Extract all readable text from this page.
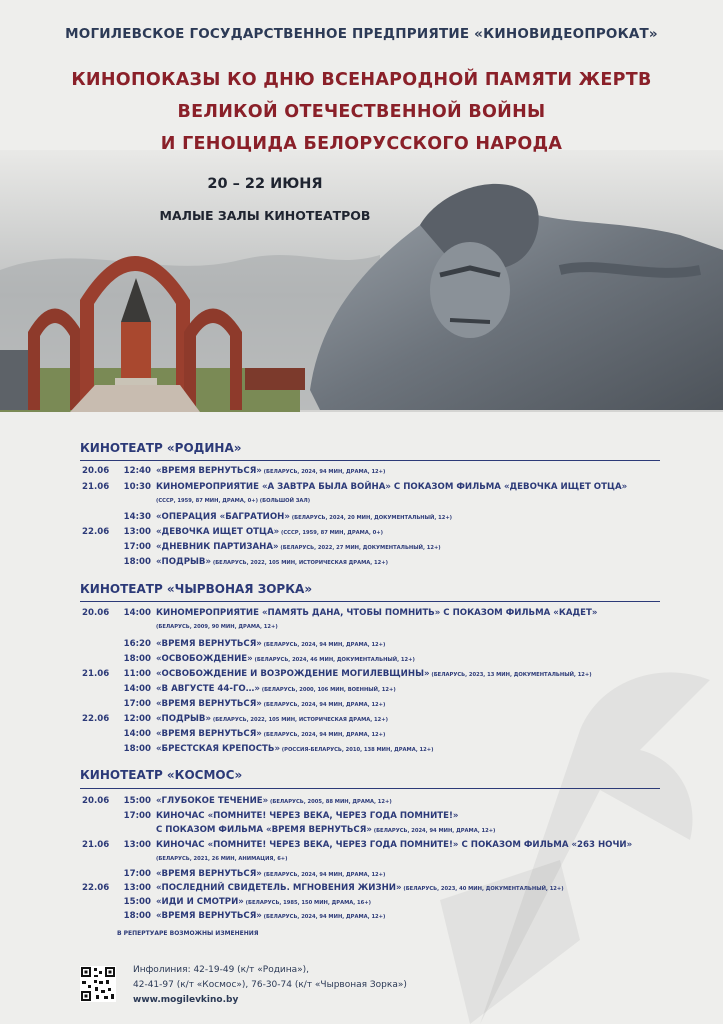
МОГИЛЕВСКОЕ ГОСУДАРСТВЕННОЕ ПРЕДПРИЯТИЕ «КИНОВИДЕОПРОКАТ»
КИНОПОКАЗЫ КО ДНЮ ВСЕНАРОДНОЙ ПАМЯТИ ЖЕРТВ
ВЕЛИКОЙ ОТЕЧЕСТВЕННОЙ ВОЙНЫ
И ГЕНОЦИДА БЕЛОРУССКОГО НАРОДА
20 – 22 ИЮНЯ
МАЛЫЕ ЗАЛЫ КИНОТЕАТРОВ
КИНОТЕАТР «РОДИНА»
20.06	12:40 «ВРЕМЯ ВЕРНУТЬСЯ» (БЕЛАРУСЬ, 2024, 94 МИН, ДРАМА, 12+)
21.06	10:30 КИНОМЕРОПРИЯТИЕ «А ЗАВТРА БЫЛА ВОЙНА» С ПОКАЗОМ ФИЛЬМА «ДЕВОЧКА ИЩЕТ ОТЦА»
(СССР, 1959, 87 МИН, ДРАМА, 0+) (БОЛЬШОЙ ЗАЛ)
14:30 «ОПЕРАЦИЯ «БАГРАТИОН» (БЕЛАРУСЬ, 2024, 20 МИН, ДОКУМЕНТАЛЬНЫЙ, 12+)
22.06	13:00 «ДЕВОЧКА ИЩЕТ ОТЦА» (СССР, 1959, 87 МИН, ДРАМА, 0+)
17:00 «ДНЕВНИК ПАРТИЗАНА» (БЕЛАРУСЬ, 2022, 27 МИН, ДОКУМЕНТАЛЬНЫЙ, 12+)
18:00 «ПОДРЫВ» (БЕЛАРУСЬ, 2022, 105 МИН, ИСТОРИЧЕСКАЯ ДРАМА, 12+)
КИНОТЕАТР «ЧЫРВОНАЯ ЗОРКА»
20.06	14:00 КИНОМЕРОПРИЯТИЕ «ПАМЯТЬ ДАНА, ЧТОБЫ ПОМНИТЬ» С ПОКАЗОМ ФИЛЬМА «КАДЕТ»
(БЕЛАРУСЬ, 2009, 90 МИН, ДРАМА, 12+)
16:20 «ВРЕМЯ ВЕРНУТЬСЯ» (БЕЛАРУСЬ, 2024, 94 МИН, ДРАМА, 12+)
18:00 «ОСВОБОЖДЕНИЕ» (БЕЛАРУСЬ, 2024, 46 МИН, ДОКУМЕНТАЛЬНЫЙ, 12+)
21.06	11:00 «ОСВОБОЖДЕНИЕ И ВОЗРОЖДЕНИЕ МОГИЛЕВЩИНЫ» (БЕЛАРУСЬ, 2023, 13 МИН, ДОКУМЕНТАЛЬНЫЙ, 12+)
14:00 «В АВГУСТЕ 44-ГО…» (БЕЛАРУСЬ, 2000, 106 МИН, ВОЕННЫЙ, 12+)
17:00 «ВРЕМЯ ВЕРНУТЬСЯ» (БЕЛАРУСЬ, 2024, 94 МИН, ДРАМА, 12+)
22.06	12:00 «ПОДРЫВ» (БЕЛАРУСЬ, 2022, 105 МИН, ИСТОРИЧЕСКАЯ ДРАМА, 12+)
14:00 «ВРЕМЯ ВЕРНУТЬСЯ» (БЕЛАРУСЬ, 2024, 94 МИН, ДРАМА, 12+)
18:00 «БРЕСТСКАЯ КРЕПОСТЬ» (РОССИЯ-БЕЛАРУСЬ, 2010, 138 МИН, ДРАМА, 12+)
КИНОТЕАТР «КОСМОС»
20.06	15:00 «ГЛУБОКОЕ ТЕЧЕНИЕ» (БЕЛАРУСЬ, 2005, 88 МИН, ДРАМА, 12+)
17:00 КИНОЧАС «ПОМНИТЕ! ЧЕРЕЗ ВЕКА, ЧЕРЕЗ ГОДА ПОМНИТЕ!»
С ПОКАЗОМ ФИЛЬМА «ВРЕМЯ ВЕРНУТЬСЯ» (БЕЛАРУСЬ, 2024, 94 МИН, ДРАМА, 12+)
21.06	13:00 КИНОЧАС «ПОМНИТЕ! ЧЕРЕЗ ВЕКА, ЧЕРЕЗ ГОДА ПОМНИТЕ!» С ПОКАЗОМ ФИЛЬМА «263 НОЧИ»
(БЕЛАРУСЬ, 2021, 26 МИН, АНИМАЦИЯ, 6+)
17:00 «ВРЕМЯ ВЕРНУТЬСЯ» (БЕЛАРУСЬ, 2024, 94 МИН, ДРАМА, 12+)
22.06	13:00 «ПОСЛЕДНИЙ СВИДЕТЕЛЬ. МГНОВЕНИЯ ЖИЗНИ» (БЕЛАРУСЬ, 2023, 40 МИН, ДОКУМЕНТАЛЬНЫЙ, 12+)
15:00 «ИДИ И СМОТРИ» (БЕЛАРУСЬ, 1985, 150 МИН, ДРАМА, 16+)
18:00 «ВРЕМЯ ВЕРНУТЬСЯ» (БЕЛАРУСЬ, 2024, 94 МИН, ДРАМА, 12+)
В РЕПЕРТУАРЕ ВОЗМОЖНЫ ИЗМЕНЕНИЯ
Инфолиния: 42-19-49 (к/т «Родина»),
42-41-97 (к/т «Космос»), 76-30-74 (к/т «Чырвоная Зорка»)
www.mogilevkino.by
